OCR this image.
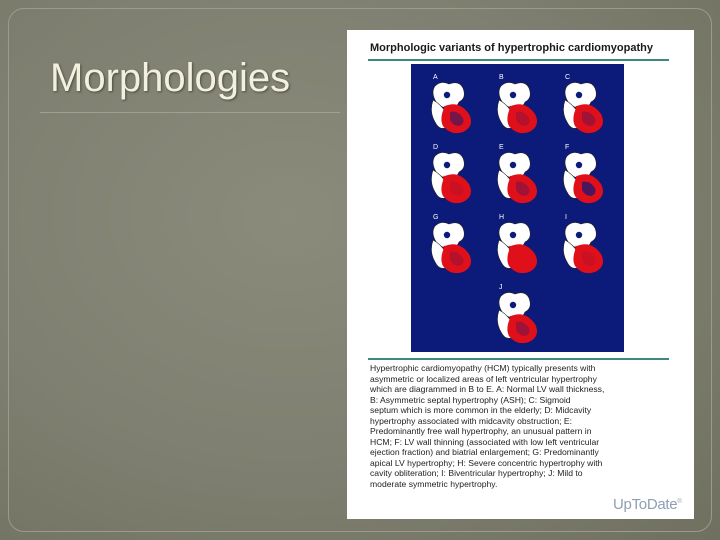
Morphologies
Morphologic variants of hypertrophic cardiomyopathy
A	B	C
D	E	F
G	H	I
J
Hypertrophic cardiomyopathy (HCM) typically presents with
asymmetric or localized areas of left ventricular hypertrophy
which are diagrammed in B to E. A: Normal LV wall thickness,
B: Asymmetric septal hypertrophy (ASH); C: Sigmoid
septum which is more common in the elderly; D: Midcavity
hypertrophy associated with midcavity obstruction; E:
Predominantly free wall hypertrophy, an unusual pattern in
HCM; F: LV wall thinning (associated with low left ventricular
ejection fraction) and biatrial enlargement; G: Predominantly
apical LV hypertrophy; H: Severe concentric hypertrophy with
cavity obliteration; I: Biventricular hypertrophy; J: Mild to
moderate symmetric hypertrophy.
UpToDate®
